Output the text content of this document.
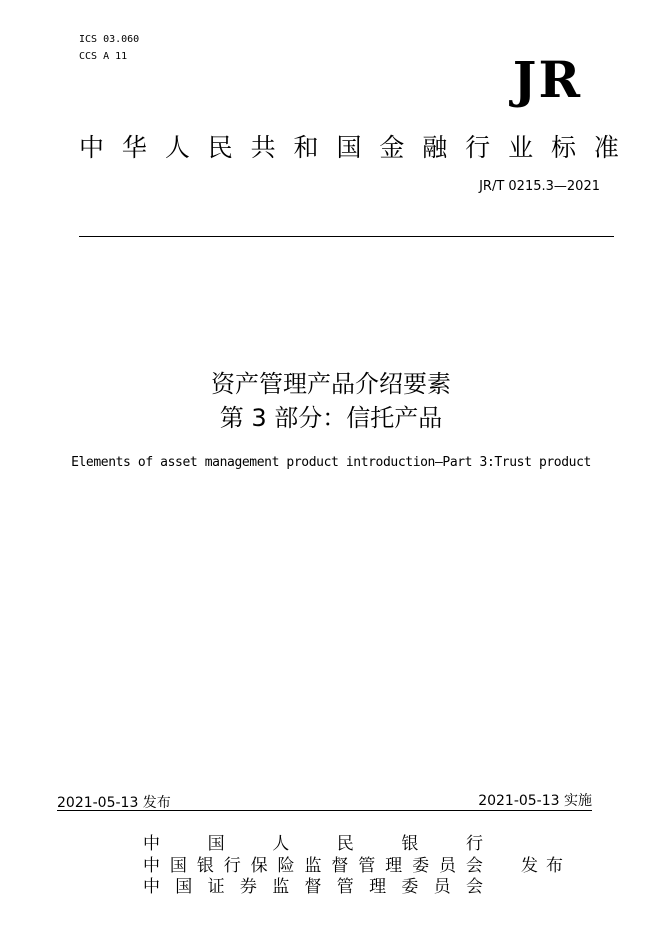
ICS 03.060
CCS A 11	JR
中 华 人 民 共 和 国 金 融 行 业 标 准
JR/T 0215.3—2021
资产管理产品介绍要素
第 3 部分：信托产品
Elements of asset management product introduction—Part 3:Trust product
2021-05-13 发布	2021-05-13 实施
中	国	人	民	银	行
中 国 银 行 保 险 监 督 管 理 委 员 会
中 国 证 券 监 督 管 理 委 员 会
发布
